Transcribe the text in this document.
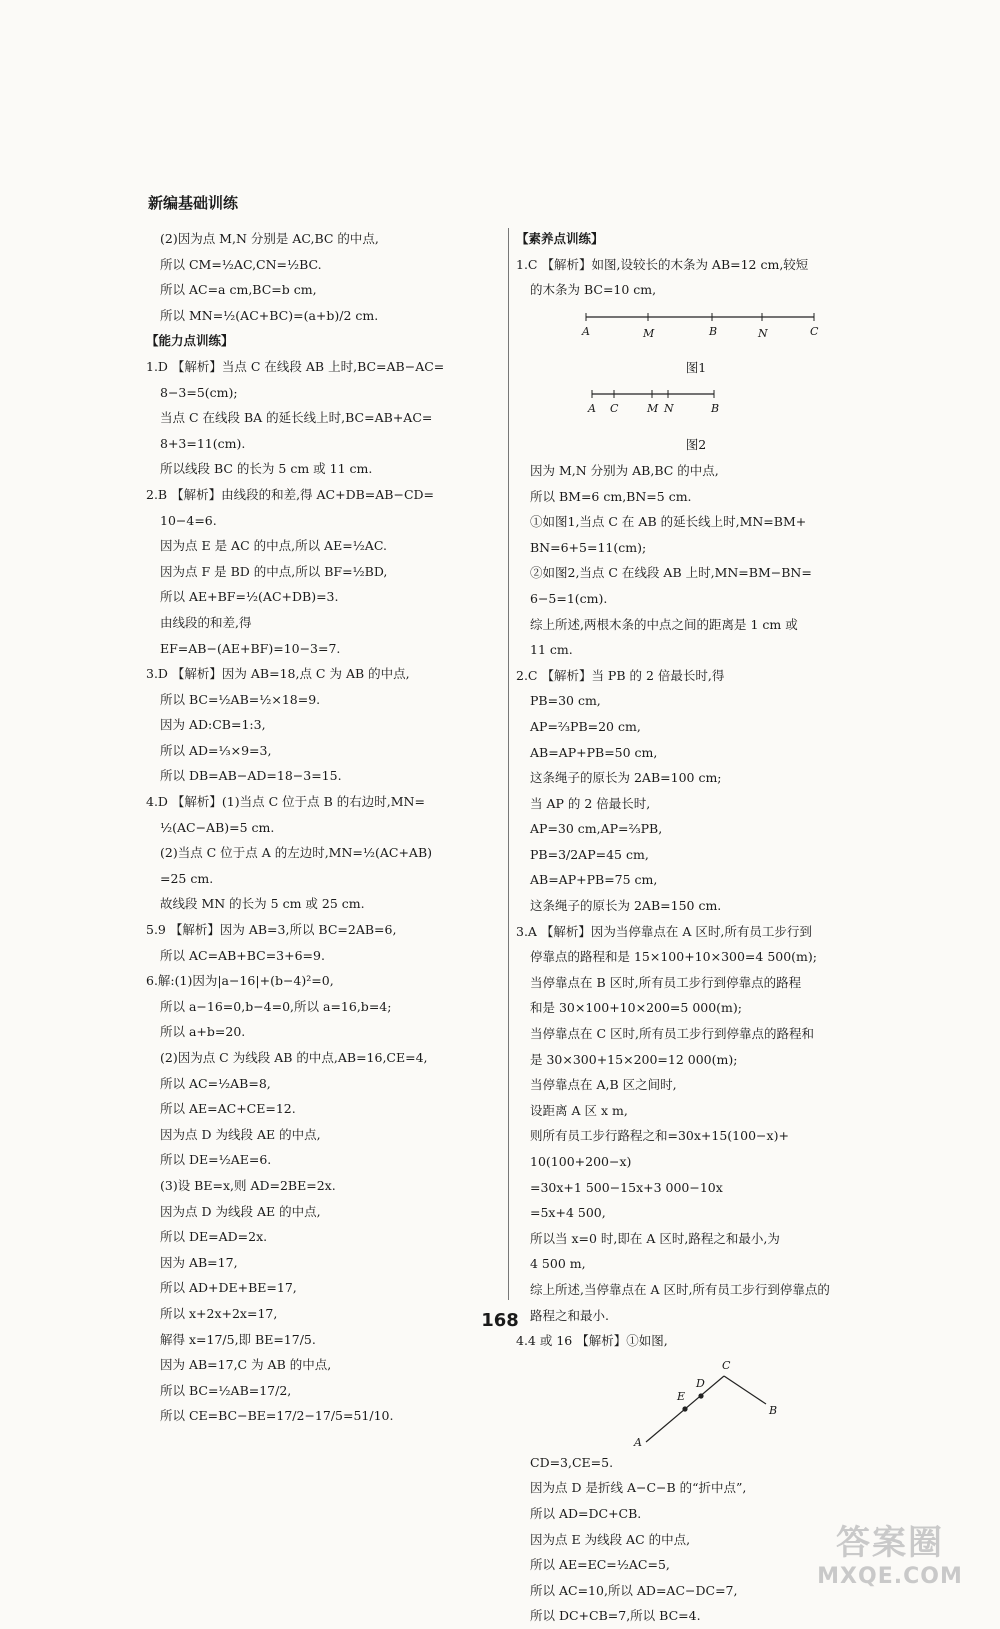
新编基础训练
(2)因为点 M,N 分别是 AC,BC 的中点,
所以 CM=½AC,CN=½BC.
所以 AC=a cm,BC=b cm,
所以 MN=½(AC+BC)=(a+b)/2 cm.
【能力点训练】
1.D 【解析】当点 C 在线段 AB 上时,BC=AB−AC=
8−3=5(cm);
当点 C 在线段 BA 的延长线上时,BC=AB+AC=
8+3=11(cm).
所以线段 BC 的长为 5 cm 或 11 cm.
2.B 【解析】由线段的和差,得 AC+DB=AB−CD=
10−4=6.
因为点 E 是 AC 的中点,所以 AE=½AC.
因为点 F 是 BD 的中点,所以 BF=½BD,
所以 AE+BF=½(AC+DB)=3.
由线段的和差,得
EF=AB−(AE+BF)=10−3=7.
3.D 【解析】因为 AB=18,点 C 为 AB 的中点,
所以 BC=½AB=½×18=9.
因为 AD:CB=1:3,
所以 AD=⅓×9=3,
所以 DB=AB−AD=18−3=15.
4.D 【解析】(1)当点 C 位于点 B 的右边时,MN=
½(AC−AB)=5 cm.
(2)当点 C 位于点 A 的左边时,MN=½(AC+AB)
=25 cm.
故线段 MN 的长为 5 cm 或 25 cm.
5.9 【解析】因为 AB=3,所以 BC=2AB=6,
所以 AC=AB+BC=3+6=9.
6.解:(1)因为|a−16|+(b−4)²=0,
所以 a−16=0,b−4=0,所以 a=16,b=4;
所以 a+b=20.
(2)因为点 C 为线段 AB 的中点,AB=16,CE=4,
所以 AC=½AB=8,
所以 AE=AC+CE=12.
因为点 D 为线段 AE 的中点,
所以 DE=½AE=6.
(3)设 BE=x,则 AD=2BE=2x.
因为点 D 为线段 AE 的中点,
所以 DE=AD=2x.
因为 AB=17,
所以 AD+DE+BE=17,
所以 x+2x+2x=17,
解得 x=17/5,即 BE=17/5.
因为 AB=17,C 为 AB 的中点,
所以 BC=½AB=17/2,
所以 CE=BC−BE=17/2−17/5=51/10.
【素养点训练】
1.C 【解析】如图,设较长的木条为 AB=12 cm,较短
的木条为 BC=10 cm,
A	M	B	N	C
图1
A C	M N	B
图2
因为 M,N 分别为 AB,BC 的中点,
所以 BM=6 cm,BN=5 cm.
①如图1,当点 C 在 AB 的延长线上时,MN=BM+
BN=6+5=11(cm);
②如图2,当点 C 在线段 AB 上时,MN=BM−BN=
6−5=1(cm).
综上所述,两根木条的中点之间的距离是 1 cm 或
11 cm.
2.C 【解析】当 PB 的 2 倍最长时,得
PB=30 cm,
AP=⅔PB=20 cm,
AB=AP+PB=50 cm,
这条绳子的原长为 2AB=100 cm;
当 AP 的 2 倍最长时,
AP=30 cm,AP=⅔PB,
PB=3/2AP=45 cm,
AB=AP+PB=75 cm,
这条绳子的原长为 2AB=150 cm.
3.A 【解析】因为当停靠点在 A 区时,所有员工步行到
停靠点的路程和是 15×100+10×300=4 500(m);
当停靠点在 B 区时,所有员工步行到停靠点的路程
和是 30×100+10×200=5 000(m);
当停靠点在 C 区时,所有员工步行到停靠点的路程和
是 30×300+15×200=12 000(m);
当停靠点在 A,B 区之间时,
设距离 A 区 x m,
则所有员工步行路程之和=30x+15(100−x)+
10(100+200−x)
=30x+1 500−15x+3 000−10x
=5x+4 500,
所以当 x=0 时,即在 A 区时,路程之和最小,为
4 500 m,
综上所述,当停靠点在 A 区时,所有员工步行到停靠点的
路程之和最小.
4.4 或 16 【解析】①如图,
C
D
E
B
A
CD=3,CE=5.
因为点 D 是折线 A−C−B 的“折中点”,
所以 AD=DC+CB.
因为点 E 为线段 AC 的中点,
所以 AE=EC=½AC=5,
所以 AC=10,所以 AD=AC−DC=7,
所以 DC+CB=7,所以 BC=4.
168
答案圈
MXQE.COM
